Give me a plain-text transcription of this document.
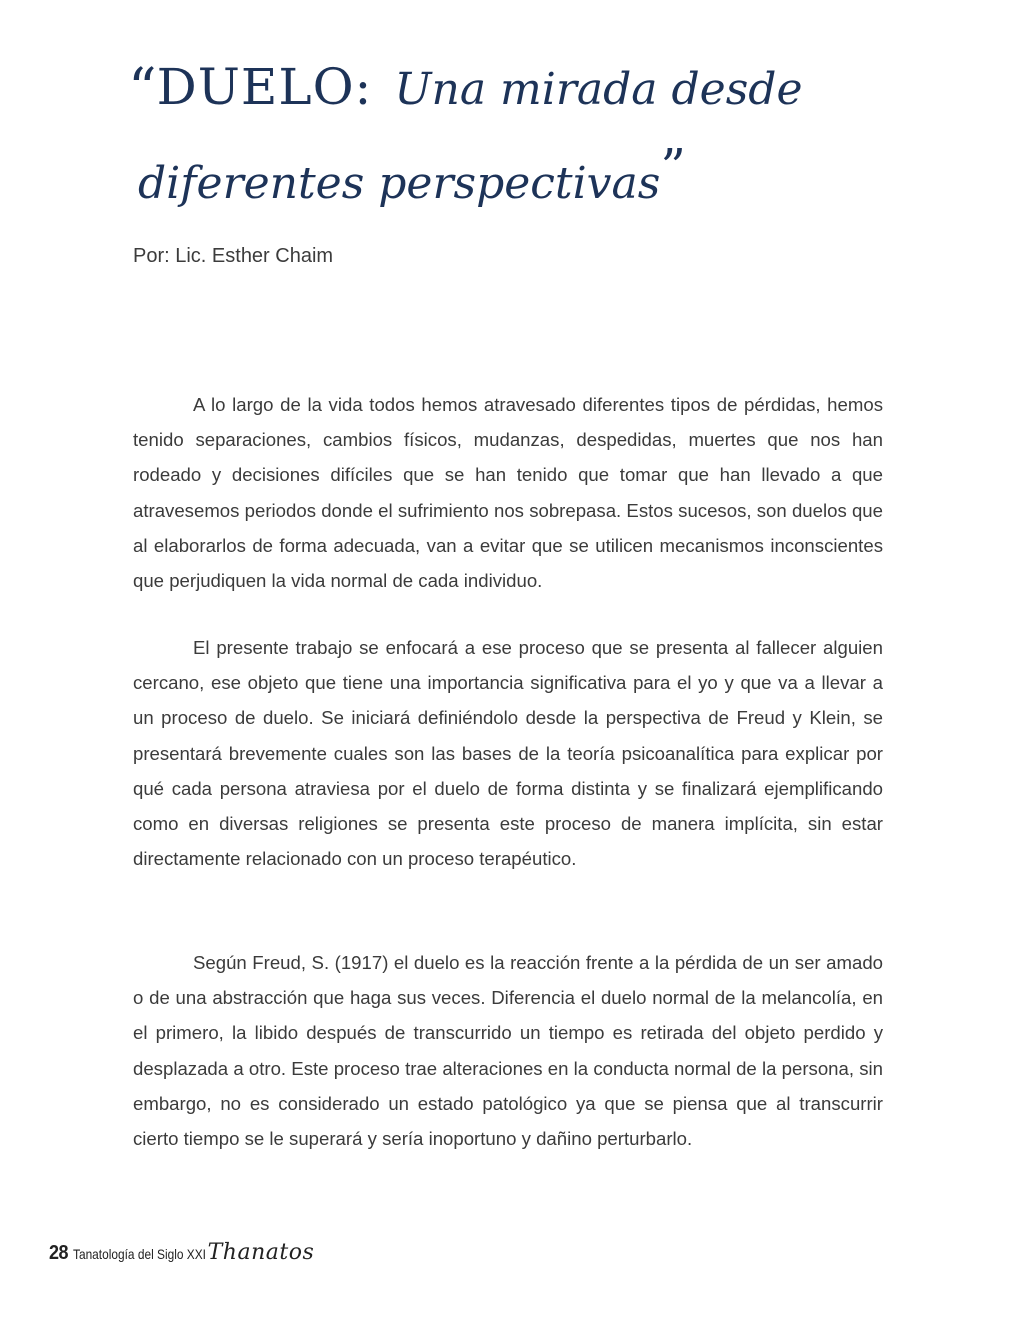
“DUELO: Una mirada desde
diferentes perspectivas”
Por: Lic. Esther Chaim

A lo largo de la vida todos hemos atravesado diferentes tipos de pérdidas, hemos tenido separaciones, cambios físicos, mudanzas, despedidas, muertes que nos han rodeado y decisiones difíciles que se han tenido que tomar que han llevado a que atravesemos periodos donde el sufrimiento nos sobrepasa. Estos sucesos, son duelos que al elaborarlos de forma adecuada, van a evitar que se utilicen mecanismos inconscientes que perjudiquen la vida normal de cada individuo.

El presente trabajo se enfocará a ese proceso que se presenta al fallecer alguien cercano, ese objeto que tiene una importancia significativa para el yo y que va a llevar a un proceso de duelo. Se iniciará definiéndolo desde la perspectiva de Freud y Klein, se presentará brevemente cuales son las bases de la teoría psicoanalítica para explicar por qué cada persona atraviesa por el duelo de forma distinta y se finalizará ejemplificando como en diversas religiones se presenta este proceso de manera implícita, sin estar directamente relacionado con un proceso terapéutico.

Según Freud, S. (1917) el duelo es la reacción frente a la pérdida de un ser amado o de una abstracción que haga sus veces. Diferencia el duelo normal de la melancolía, en el primero, la libido después de transcurrido un tiempo es retirada del objeto perdido y desplazada a otro. Este proceso trae alteraciones en la conducta normal de la persona, sin embargo, no es considerado un estado patológico ya que se piensa que al transcurrir cierto tiempo se le superará y sería inoportuno y dañino perturbarlo.

28 Tanatología del Siglo XXI Thanatos
